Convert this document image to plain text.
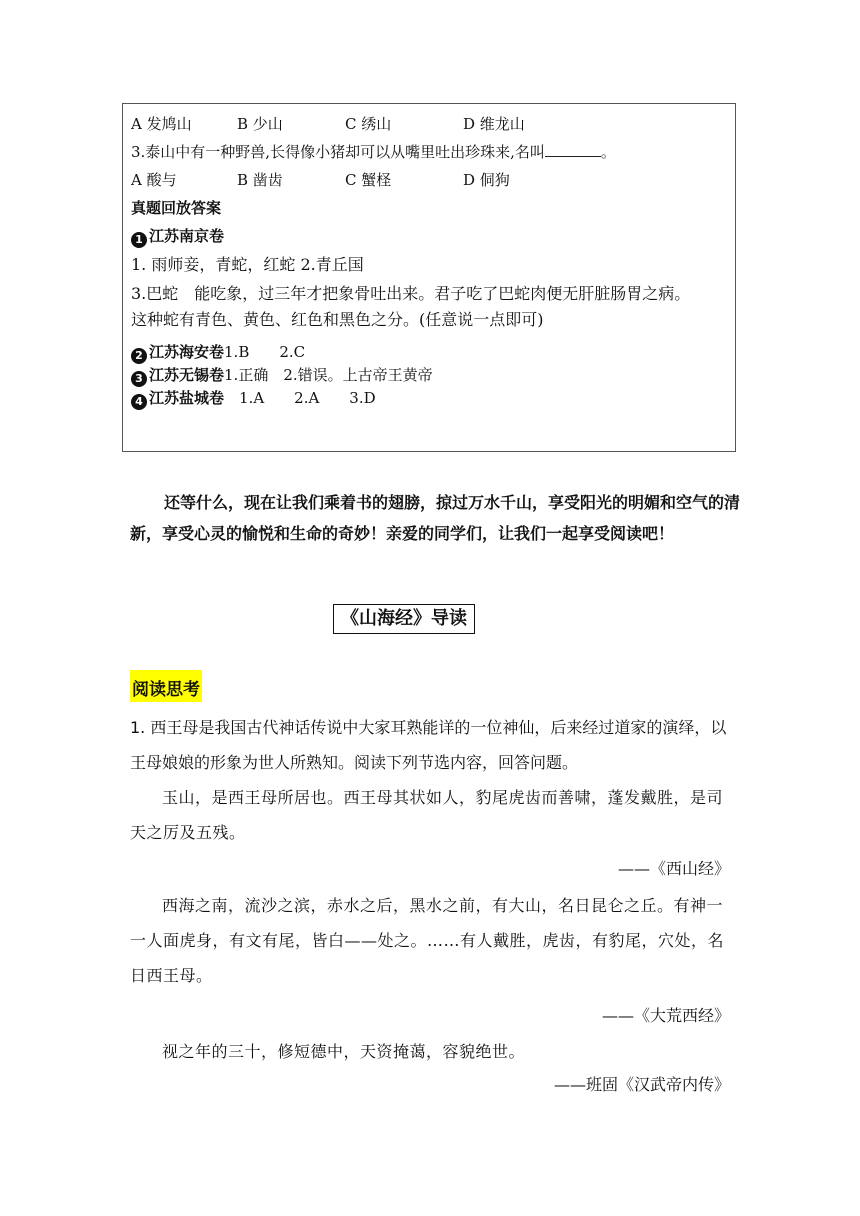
A 发鸠山	B 少山	C 绣山	D 维龙山
3.泰山中有一种野兽,长得像小猪却可以从嘴里吐出珍珠来,名叫	。
A 酸与	B 凿齿	C 蟹柽	D 侗狗
真题回放答案
1 江苏南京卷
1. 雨师妾，青蛇，红蛇 2.青丘国
3.巴蛇　能吃象，过三年才把象骨吐出来。君子吃了巴蛇肉便无肝脏肠胃之病。
这种蛇有青色、黄色、红色和黑色之分。(任意说一点即可)
2 江苏海安卷1.B　　2.C
3 江苏无锡卷1.正确　2.错误。上古帝王黄帝
4 江苏盐城卷　1.A　　2.A　　3.D
还等什么，现在让我们乘着书的翅膀，掠过万水千山，享受阳光的明媚和空气的清新，享受心灵的愉悦和生命的奇妙！亲爱的同学们，让我们一起享受阅读吧！
《山海经》导读
阅读思考
1. 西王母是我国古代神话传说中大家耳熟能详的一位神仙，后来经过道家的演绎，以王母娘娘的形象为世人所熟知。阅读下列节选内容，回答问题。
玉山，是西王母所居也。西王母其状如人，豹尾虎齿而善啸，蓬发戴胜，是司天之厉及五残。
——《西山经》
西海之南，流沙之滨，赤水之后，黑水之前，有大山，名日昆仑之丘。有神一一人面虎身，有文有尾，皆白——处之。……有人戴胜，虎齿，有豹尾，穴处，名日西王母。
——《大荒西经》
视之年的三十，修短德中，天资掩蔼，容貌绝世。
——班固《汉武帝内传》
